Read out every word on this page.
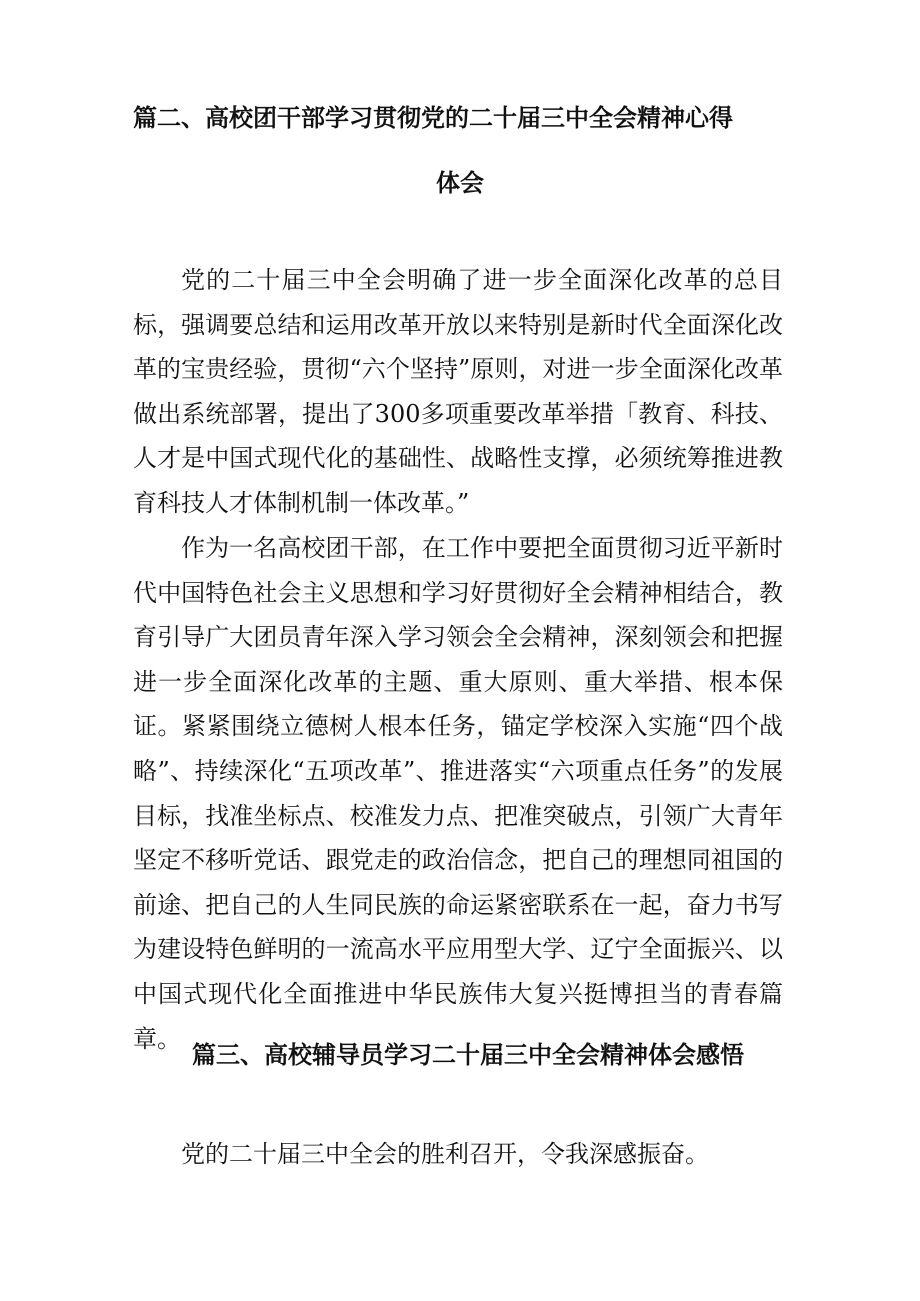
篇二、高校团干部学习贯彻党的二十届三中全会精神心得
体会

党的二十届三中全会明确了进一步全面深化改革的总目标，强调要总结和运用改革开放以来特别是新时代全面深化改革的宝贵经验，贯彻“六个坚持”原则，对进一步全面深化改革做出系统部署，提出了300多项重要改革举措「教育、科技、人才是中国式现代化的基础性、战略性支撑，必须统筹推进教育科技人才体制机制一体改革。”

作为一名高校团干部，在工作中要把全面贯彻习近平新时代中国特色社会主义思想和学习好贯彻好全会精神相结合，教育引导广大团员青年深入学习领会全会精神，深刻领会和把握进一步全面深化改革的主题、重大原则、重大举措、根本保证。紧紧围绕立德树人根本任务，锚定学校深入实施“四个战略”、持续深化“五项改革”、推进落实“六项重点任务”的发展目标，找准坐标点、校准发力点、把准突破点，引领广大青年坚定不移听党话、跟党走的政治信念，把自己的理想同祖国的前途、把自己的人生同民族的命运紧密联系在一起，奋力书写为建设特色鲜明的一流高水平应用型大学、辽宁全面振兴、以中国式现代化全面推进中华民族伟大复兴挺博担当的青春篇章。

篇三、高校辅导员学习二十届三中全会精神体会感悟

党的二十届三中全会的胜利召开，令我深感振奋。
